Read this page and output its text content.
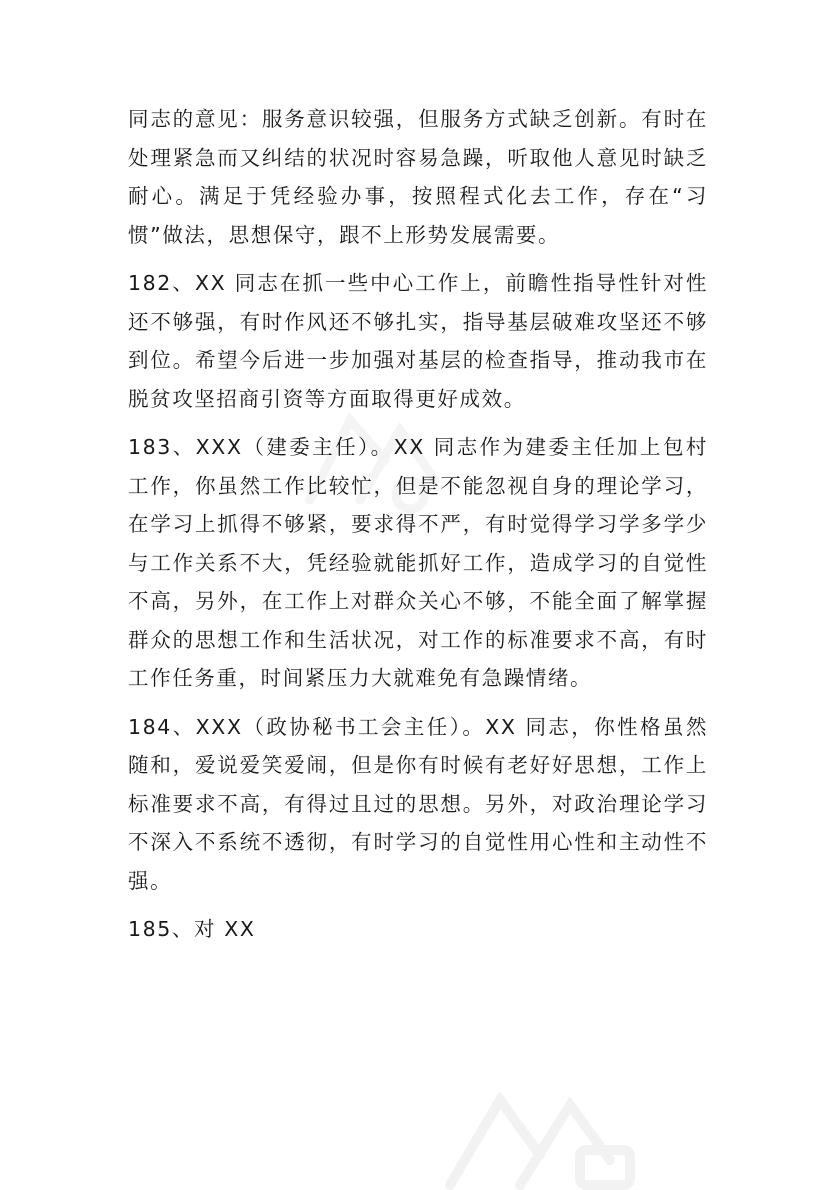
同志的意见：服务意识较强，但服务方式缺乏创新。有时在处理紧急而又纠结的状况时容易急躁，听取他人意见时缺乏耐心。满足于凭经验办事，按照程式化去工作，存在“习惯”做法，思想保守，跟不上形势发展需要。

182、XX 同志在抓一些中心工作上，前瞻性指导性针对性还不够强，有时作风还不够扎实，指导基层破难攻坚还不够到位。希望今后进一步加强对基层的检查指导，推动我市在脱贫攻坚招商引资等方面取得更好成效。

183、XXX（建委主任）。XX 同志作为建委主任加上包村工作，你虽然工作比较忙，但是不能忽视自身的理论学习，在学习上抓得不够紧，要求得不严，有时觉得学习学多学少与工作关系不大，凭经验就能抓好工作，造成学习的自觉性不高，另外，在工作上对群众关心不够，不能全面了解掌握群众的思想工作和生活状况，对工作的标准要求不高，有时工作任务重，时间紧压力大就难免有急躁情绪。

184、XXX（政协秘书工会主任）。XX 同志，你性格虽然随和，爱说爱笑爱闹，但是你有时候有老好好思想，工作上标准要求不高，有得过且过的思想。另外，对政治理论学习不深入不系统不透彻，有时学习的自觉性用心性和主动性不强。

185、对 XX
